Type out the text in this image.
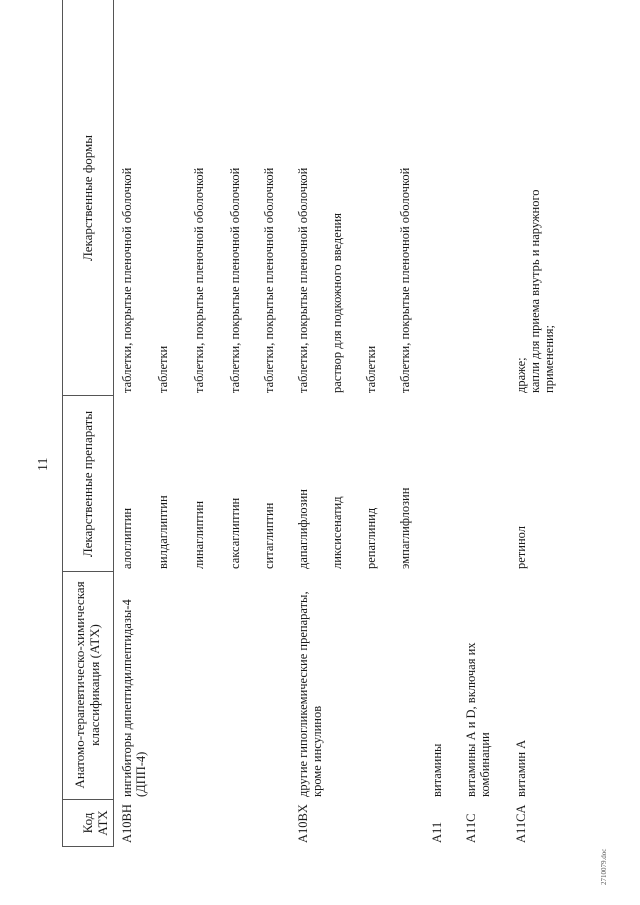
11
2710079.doc
Код АТХ
Анатомо-терапевтическо-химическая классификация (АТХ)
Лекарственные препараты
Лекарственные формы
A10BH
ингибиторы дипептидилпептидазы-4 (ДПП-4)
алоглиптин
таблетки, покрытые пленочной оболочкой
вилдаглиптин
таблетки
линаглиптин
таблетки, покрытые пленочной оболочкой
саксаглиптин
таблетки, покрытые пленочной оболочкой
ситаглиптин
таблетки, покрытые пленочной оболочкой
A10BX
другие гипогликемические препараты, кроме инсулинов
дапаглифлозин
таблетки, покрытые пленочной оболочкой
ликсисенатид
раствор для подкожного введения
репаглинид
таблетки
эмпаглифлозин
таблетки, покрытые пленочной оболочкой
A11
витамины
A11C
витамины А и D, включая их комбинации
A11CA
витамин А
ретинол
драже;
капли для приема внутрь и наружного применения;
